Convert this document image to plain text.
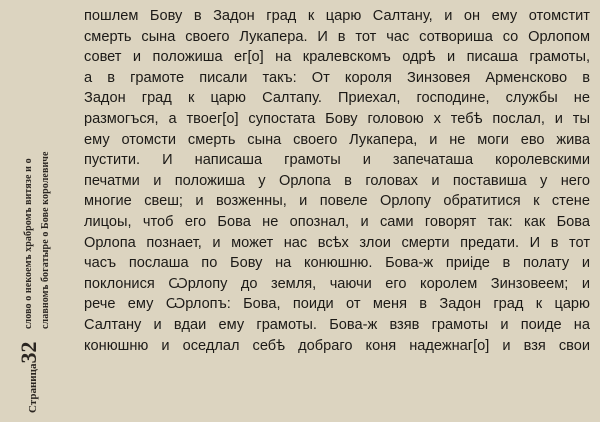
Страница32
слово о некоемъ храбромъ витязе и о славномъ богатыре о Бове королевиче
пошлем Бову в Задон град к царю Салтану, и он ему отомстит
смерть сына своего Лукапера. И в тот час сотвориша со Орлопом
совет и положиша ег[о] на кралевскомъ одрѣ и писаша грамоты,
а в грамоте писали такъ: От короля Зинзовея Арменсково в
Задон град к царю Салтапу. Приехал, господине, службы не
размогъся, а твоег[о] супостата Бову головою х тебѣ послал, и ты
ему отомсти смерть сына своего Лукапера, и не моги ево жива
пустити. И написаша грамоты и запечаташа королевскими
печатми и положиша у Орлопа в головах и поставиша у него
многие свеш; и возженны, и повеле Орлопу обратитися к стене
лицоы, чтоб его Бова не опознал, и сами говорят так: как Бова
Орлопа познает, и может нас всѣх злои смерти предати. И в тот
часъ послаша по Бову на конюшню. Бова-ж приіде в полату и
поклонися Ѡрлопу до земля, чаючи его королем Зинзовеем; и
рече ему Ѡрлопъ: Бова, поиди от меня в Задон град к царю
Салтану и вдаи ему грамоты. Бова-ж взяв грамоты и поиде на
конюшню и оседлал себѣ добраго коня надежнаг[о] и взя свои
